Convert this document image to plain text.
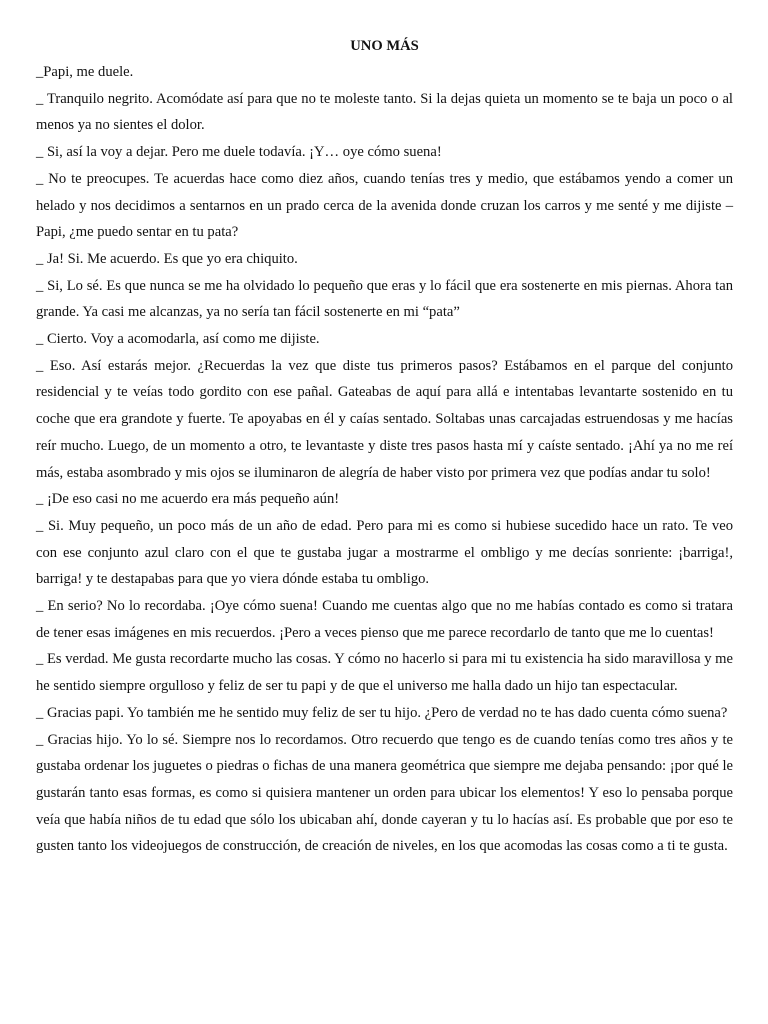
UNO MÁS

_Papi, me duele.

_ Tranquilo negrito. Acomódate así para que no te moleste tanto. Si la dejas quieta un momento se te baja un poco o al menos ya no sientes el dolor.

_ Si, así la voy a dejar. Pero me duele todavía. ¡Y… oye cómo suena!

_ No te preocupes. Te acuerdas hace como diez años, cuando tenías tres y medio, que estábamos yendo a comer un helado y nos decidimos a sentarnos en un prado cerca de la avenida donde cruzan los carros y me senté y me dijiste – Papi, ¿me puedo sentar en tu pata?

_ Ja! Si. Me acuerdo. Es que yo era chiquito.

_ Si, Lo sé. Es que nunca se me ha olvidado lo pequeño que eras y lo fácil que era sostenerte en mis piernas. Ahora tan grande. Ya casi me alcanzas, ya no sería tan fácil sostenerte en mi “pata”

_ Cierto. Voy a acomodarla, así como me dijiste.

_ Eso. Así estarás mejor. ¿Recuerdas la vez que diste tus primeros pasos? Estábamos en el parque del conjunto residencial y te veías todo gordito con ese pañal. Gateabas de aquí para allá e intentabas levantarte sostenido en tu coche que era grandote y fuerte. Te apoyabas en él y caías sentado. Soltabas unas carcajadas estruendosas y me hacías reír mucho. Luego, de un momento a otro, te levantaste y diste tres pasos hasta mí y caíste sentado. ¡Ahí ya no me reí más, estaba asombrado y mis ojos se iluminaron de alegría de haber visto por primera vez que podías andar tu solo!

_ ¡De eso casi no me acuerdo era más pequeño aún!

_ Si. Muy pequeño, un poco más de un año de edad. Pero para mi es como si hubiese sucedido hace un rato. Te veo con ese conjunto azul claro con el que te gustaba jugar a mostrarme el ombligo y me decías sonriente: ¡barriga!, barriga! y te destapabas para que yo viera dónde estaba tu ombligo.

_ En serio? No lo recordaba. ¡Oye cómo suena! Cuando me cuentas algo que no me habías contado es como si tratara de tener esas imágenes en mis recuerdos. ¡Pero a veces pienso que me parece recordarlo de tanto que me lo cuentas!

_ Es verdad. Me gusta recordarte mucho las cosas. Y cómo no hacerlo si para mi tu existencia ha sido maravillosa y me he sentido siempre orgulloso y feliz de ser tu papi y de que el universo me halla dado un hijo tan espectacular.

_ Gracias papi. Yo también me he sentido muy feliz de ser tu hijo. ¿Pero de verdad no te has dado cuenta cómo suena?

_ Gracias hijo. Yo lo sé. Siempre nos lo recordamos. Otro recuerdo que tengo es de cuando tenías como tres años y te gustaba ordenar los juguetes o piedras o fichas de una manera geométrica que siempre me dejaba pensando: ¡por qué le gustarán tanto esas formas, es como si quisiera mantener un orden para ubicar los elementos! Y eso lo pensaba porque veía que había niños de tu edad que sólo los ubicaban ahí, donde cayeran y tu lo hacías así. Es probable que por eso te gusten tanto los videojuegos de construcción, de creación de niveles, en los que acomodas las cosas como a ti te gusta.
